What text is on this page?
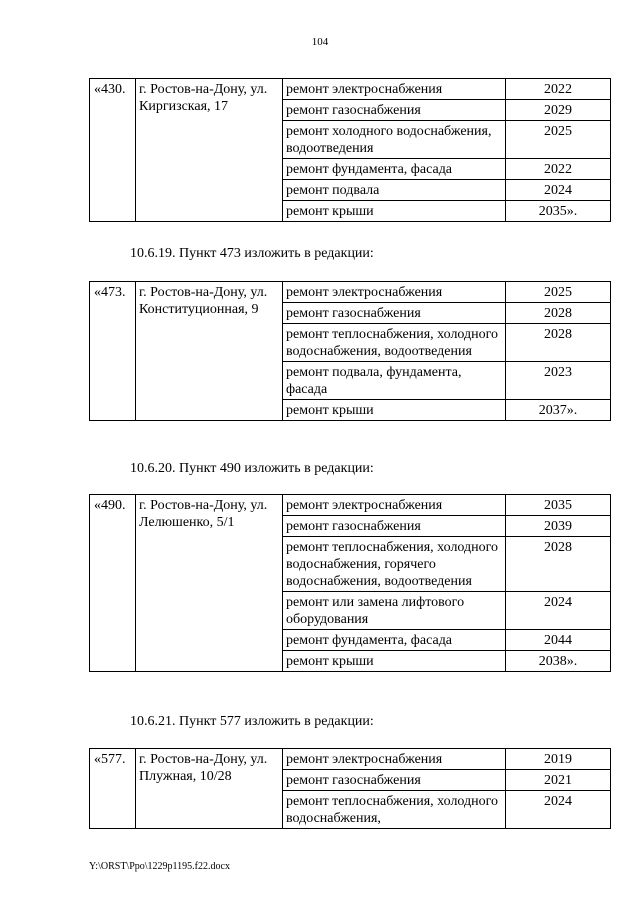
104
«430.	г. Ростов-на-Дону, ул. Киргизская, 17	ремонт электроснабжения	2022
		ремонт газоснабжения	2029
		ремонт холодного водоснабжения, водоотведения	2025
		ремонт фундамента, фасада	2022
		ремонт подвала	2024
		ремонт крыши	2035».
10.6.19. Пункт 473 изложить в редакции:
«473.	г. Ростов-на-Дону, ул. Конституционная, 9	ремонт электроснабжения	2025
		ремонт газоснабжения	2028
		ремонт теплоснабжения, холодного водоснабжения, водоотведения	2028
		ремонт подвала, фундамента, фасада	2023
		ремонт крыши	2037».
10.6.20. Пункт 490 изложить в редакции:
«490.	г. Ростов-на-Дону, ул. Лелюшенко, 5/1	ремонт электроснабжения	2035
		ремонт газоснабжения	2039
		ремонт теплоснабжения, холодного водоснабжения, горячего водоснабжения, водоотведения	2028
		ремонт или замена лифтового оборудования	2024
		ремонт фундамента, фасада	2044
		ремонт крыши	2038».
10.6.21. Пункт 577 изложить в редакции:
«577.	г. Ростов-на-Дону, ул. Плужная, 10/28	ремонт электроснабжения	2019
		ремонт газоснабжения	2021
		ремонт теплоснабжения, холодного водоснабжения,	2024
Y:\ORST\Ppo\1229p1195.f22.docx
